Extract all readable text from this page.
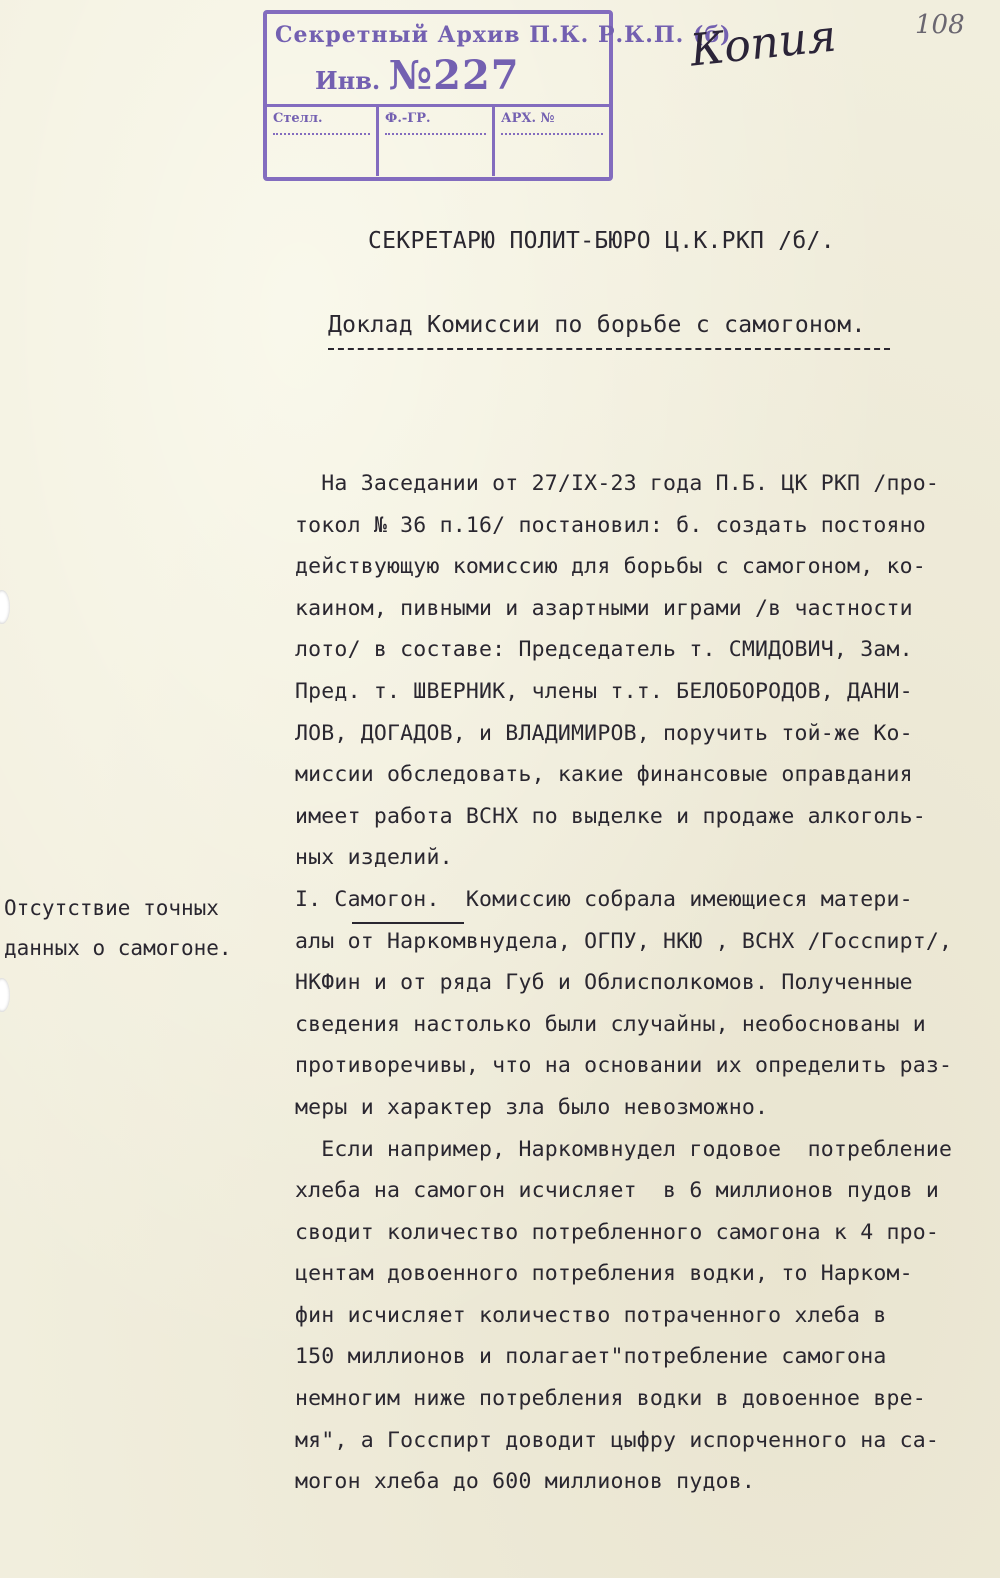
Секретный Архив П.К. Р.К.П. (б)
Инв. №227
Стелл.	Ф.-ГР.	АРХ. №
Копия	108
СЕКРЕТАРЮ ПОЛИТ-БЮРО Ц.К.РКП /б/.
Доклад Комиссии по борьбе с самогоном.
Отсутствие точных
данных о самогоне.
На Заседании от 27/IX-23 года П.Б. ЦК РКП /про-
токол № 36 п.16/ постановил: б. создать постояно
действующую комиссию для борьбы с самогоном, ко-
каином, пивными и азартными играми /в частности
лото/ в составе: Председатель т. СМИДОВИЧ, Зам.
Пред. т. ШВЕРНИК, члены т.т. БЕЛОБОРОДОВ, ДАНИ-
ЛОВ, ДОГАДОВ, и ВЛАДИМИРОВ, поручить той-же Ко-
миссии обследовать, какие финансовые оправдания
имеет работа ВСНХ по выделке и продаже алкоголь-
ных изделий.
I. Самогон.  Комиссию собрала имеющиеся матери-
алы от Наркомвнудела, ОГПУ, НКЮ , ВСНХ /Госспирт/,
НКФин и от ряда Губ и Облисполкомов. Полученные
сведения настолько были случайны, необоснованы и
противоречивы, что на основании их определить раз-
меры и характер зла было невозможно.
Если например, Наркомвнудел годовое  потребление
хлеба на самогон исчисляет  в 6 миллионов пудов и
сводит количество потребленного самогона к 4 про-
центам довоенного потребления водки, то Нарком-
фин исчисляет количество потраченного хлеба в
150 миллионов и полагает"потребление самогона
немногим ниже потребления водки в довоенное вре-
мя", а Госспирт доводит цыфру испорченного на са-
могон хлеба до 600 миллионов пудов.
